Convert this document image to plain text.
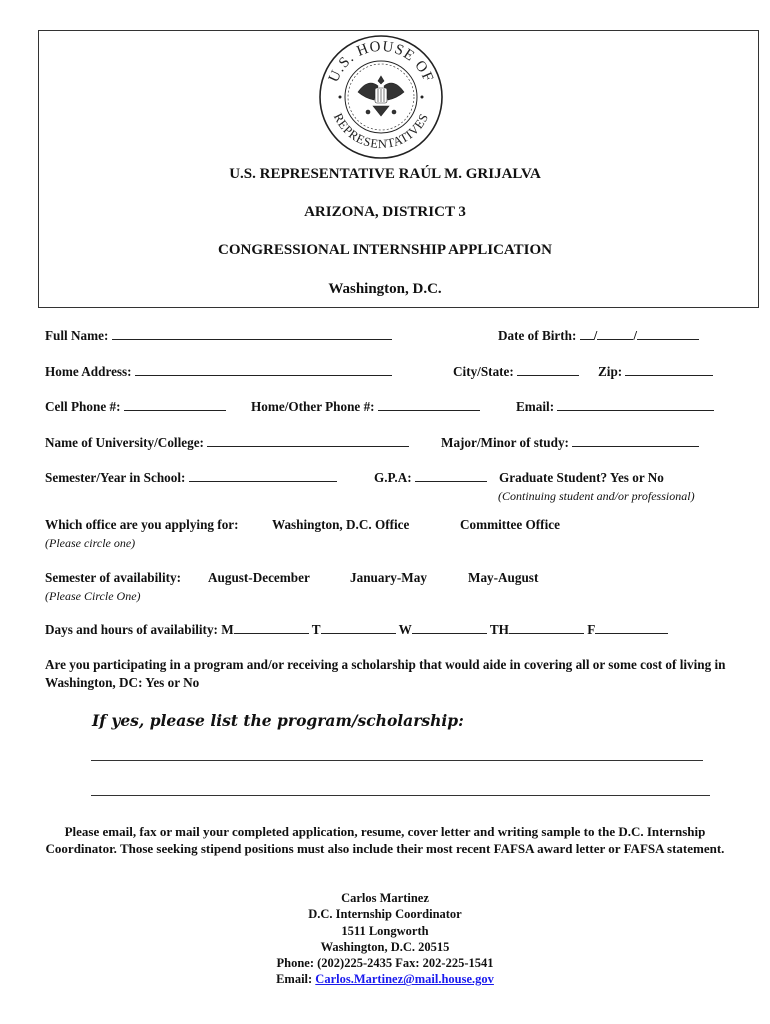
U.S. HOUSE OF
REPRESENTATIVES
U.S. REPRESENTATIVE RAÚL M. GRIJALVA
ARIZONA, DISTRICT 3
CONGRESSIONAL INTERNSHIP APPLICATION
Washington, D.C.
Full Name:	Date of Birth: /	/
Home Address:	City/State:	Zip:
Cell Phone #:	Home/Other Phone #:	Email:
Name of University/College:	Major/Minor of study:
Semester/Year in School:	G.P.A:	Graduate Student? Yes or No
(Continuing student and/or professional)
Which office are you applying for:	Washington, D.C. Office	Committee Office
(Please circle one)
Semester of availability: August-December	January-May	May-August
(Please Circle One)
Days and hours of availability: M	T	W	TH	F
Are you participating in a program and/or receiving a scholarship that would aide in covering all or some cost of living in Washington, DC: Yes or No
If yes, please list the program/scholarship:
Please email, fax or mail your completed application, resume, cover letter and writing sample to the D.C. Internship Coordinator. Those seeking stipend positions must also include their most recent FAFSA award letter or FAFSA statement.
Carlos Martinez
D.C. Internship Coordinator
1511 Longworth
Washington, D.C. 20515
Phone: (202)225-2435 Fax: 202-225-1541
Email: Carlos.Martinez@mail.house.gov
